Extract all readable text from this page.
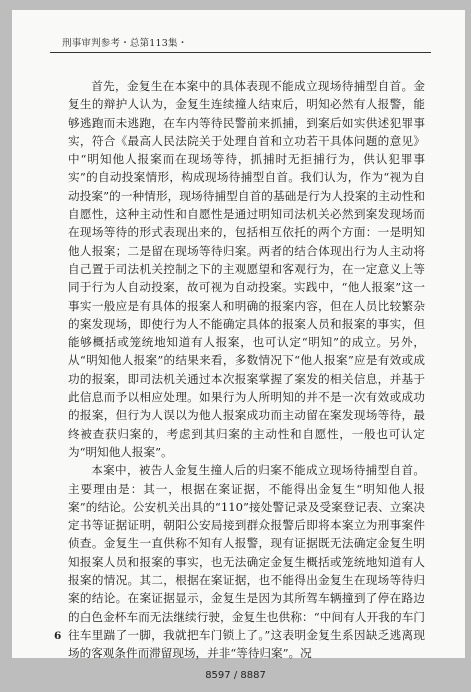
刑事审判参考・总第113集・

首先，金复生在本案中的具体表现不能成立现场待捕型自首。金复生的辩护人认为，金复生连续撞人结束后，明知必然有人报警，能够逃跑而未逃跑，在车内等待民警前来抓捕，到案后如实供述犯罪事实，符合《最高人民法院关于处理自首和立功若干具体问题的意见》中“明知他人报案而在现场等待，抓捕时无拒捕行为，供认犯罪事实”的自动投案情形，构成现场待捕型自首。我们认为，作为“视为自动投案”的一种情形，现场待捕型自首的基础是行为人投案的主动性和自愿性，这种主动性和自愿性是通过明知司法机关必然到案发现场而在现场等待的形式表现出来的，包括相互依托的两个方面：一是明知他人报案；二是留在现场等待归案。两者的结合体现出行为人主动将自己置于司法机关控制之下的主观愿望和客观行为，在一定意义上等同于行为人自动投案，故可视为自动投案。实践中，“他人报案”这一事实一般应是有具体的报案人和明确的报案内容，但在人员比较繁杂的案发现场，即使行为人不能确定具体的报案人员和报案的事实，但能够概括或笼统地知道有人报案，也可认定“明知”的成立。另外，从“明知他人报案”的结果来看，多数情况下“他人报案”应是有效或成功的报案，即司法机关通过本次报案掌握了案发的相关信息，并基于此信息而予以相应处理。如果行为人所明知的并不是一次有效或成功的报案，但行为人误以为他人报案成功而主动留在案发现场等待，最终被查获归案的，考虑到其归案的主动性和自愿性，一般也可认定为“明知他人报案”。

本案中，被告人金复生撞人后的归案不能成立现场待捕型自首。主要理由是：其一，根据在案证据，不能得出金复生“明知他人报案”的结论。公安机关出具的“110”接处警记录及受案登记表、立案决定书等证据证明，朝阳公安局接到群众报警后即将本案立为刑事案件侦查。金复生一直供称不知有人报警，现有证据既无法确定金复生明知报案人员和报案的事实，也无法确定金复生概括或笼统地知道有人报案的情况。其二，根据在案证据，也不能得出金复生在现场等待归案的结论。在案证据显示，金复生是因为其所驾车辆撞到了停在路边的白色金杯车而无法继续行驶，金复生也供称：“中间有人开我的车门往车里踹了一脚，我就把车门锁上了。”这表明金复生系因缺乏逃离现场的客观条件而滞留现场，并非“等待归案”。况

6
8597 / 8887
